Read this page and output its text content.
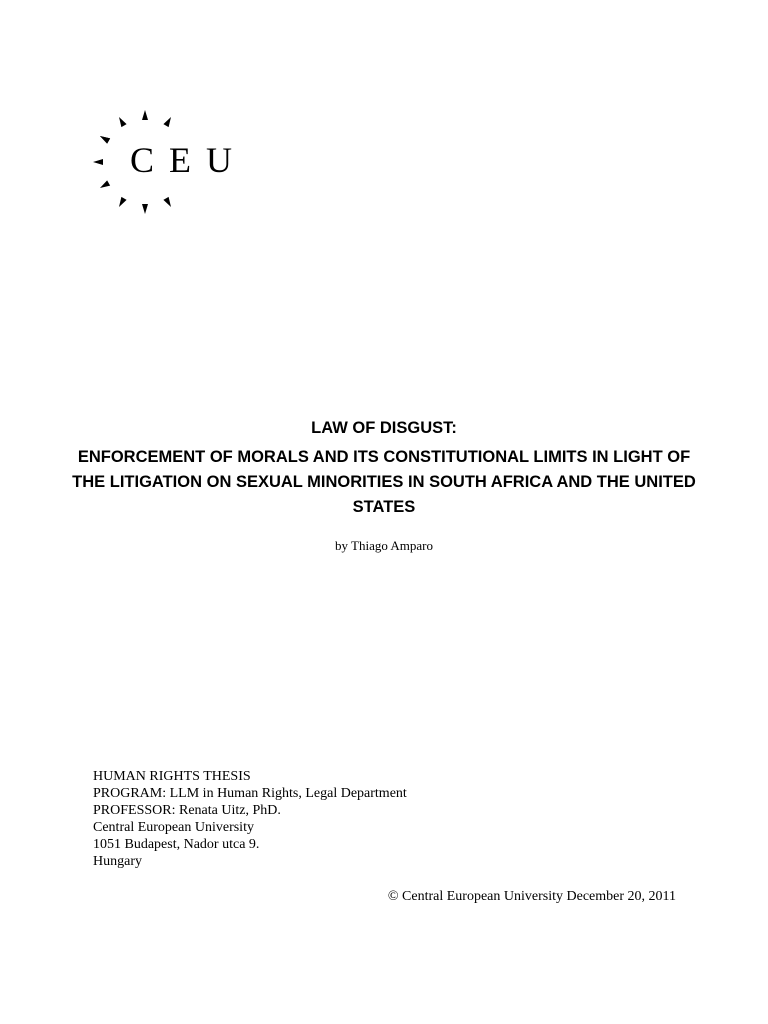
C E U
LAW OF DISGUST:
ENFORCEMENT OF MORALS AND ITS CONSTITUTIONAL LIMITS IN LIGHT OF THE LITIGATION ON SEXUAL MINORITIES IN SOUTH AFRICA AND THE UNITED STATES
by Thiago Amparo
HUMAN RIGHTS THESIS
PROGRAM: LLM in Human Rights, Legal Department
PROFESSOR: Renata Uitz, PhD.
Central European University
1051 Budapest, Nador utca 9.
Hungary
© Central European University December 20, 2011
